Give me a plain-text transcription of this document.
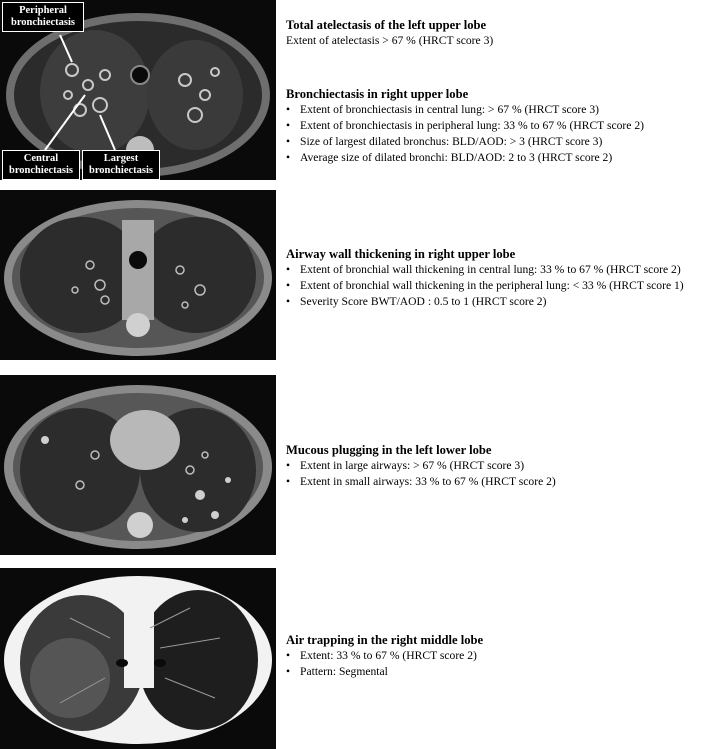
Peripheral bronchiectasis
Central bronchiectasis
Largest bronchiectasis

Total atelectasis of the left upper lobe

Extent of atelectasis > 67 % (HRCT score 3)

Bronchiectasis in right upper lobe

• Extent of bronchiectasis in central lung: > 67 % (HRCT score 3)
• Extent of bronchiectasis in peripheral lung: 33 % to 67 % (HRCT score 2)
• Size of largest dilated bronchus: BLD/AOD: > 3 (HRCT score 3)
• Average size of dilated bronchi: BLD/AOD: 2 to 3 (HRCT score 2)

Airway wall thickening in right upper lobe

• Extent of bronchial wall thickening in central lung: 33 % to 67 % (HRCT score 2)
• Extent of bronchial wall thickening in the peripheral lung: < 33 % (HRCT score 1)
• Severity Score BWT/AOD : 0.5 to 1 (HRCT score 2)

Mucous plugging in the left lower lobe

• Extent in large airways: > 67 % (HRCT score 3)
• Extent in small airways: 33 % to 67 % (HRCT score 2)

Air trapping in the right middle lobe

• Extent: 33 % to 67 % (HRCT score 2)
• Pattern: Segmental
